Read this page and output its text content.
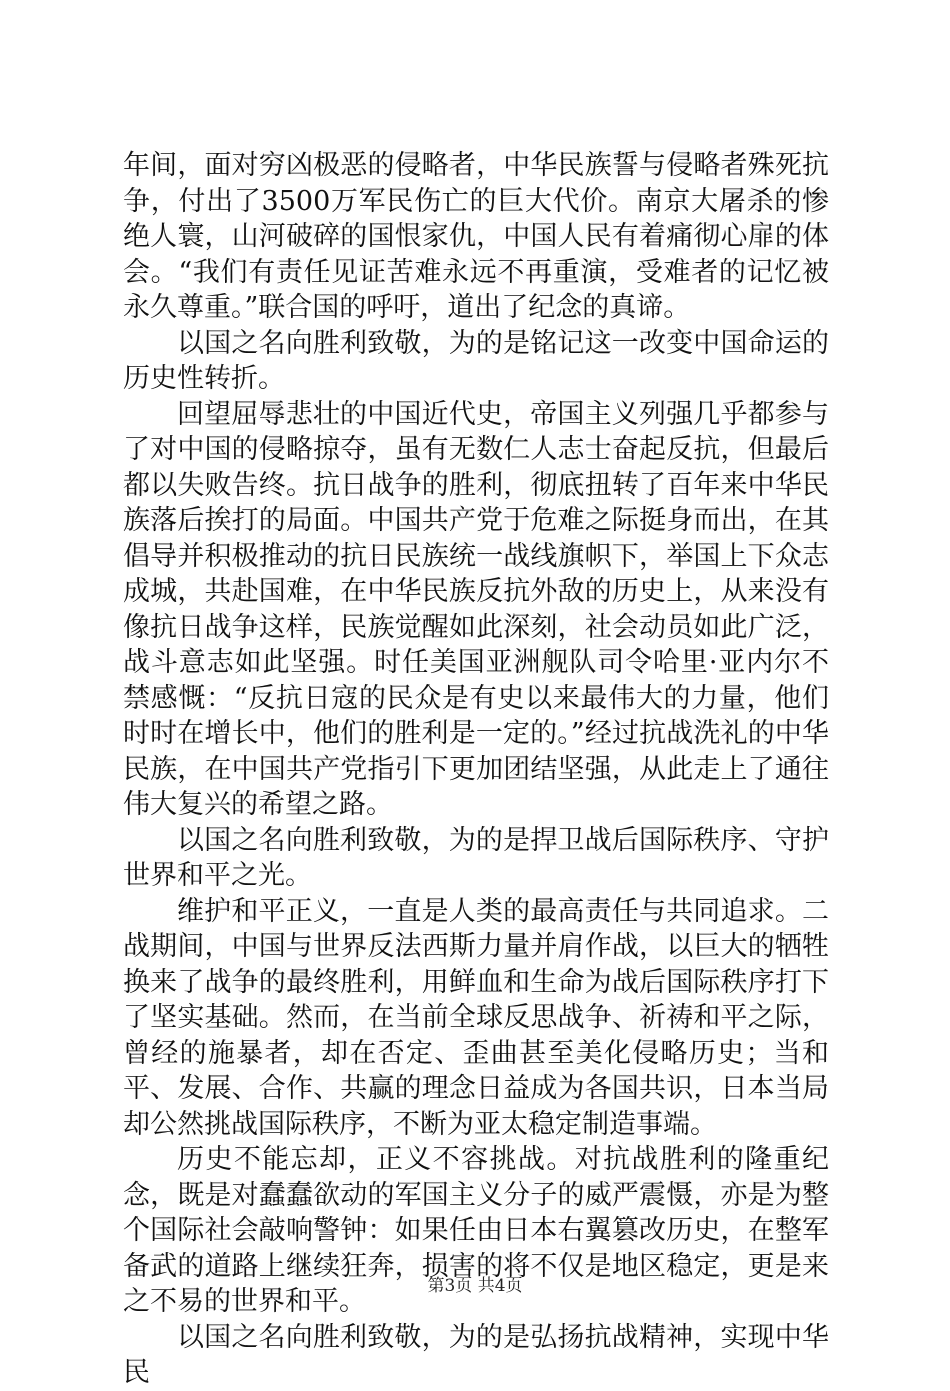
年间，面对穷凶极恶的侵略者，中华民族誓与侵略者殊死抗争，付出了3500万军民伤亡的巨大代价。南京大屠杀的惨绝人寰，山河破碎的国恨家仇，中国人民有着痛彻心扉的体会。“我们有责任见证苦难永远不再重演，受难者的记忆被永久尊重。”联合国的呼吁，道出了纪念的真谛。

以国之名向胜利致敬，为的是铭记这一改变中国命运的历史性转折。

回望屈辱悲壮的中国近代史，帝国主义列强几乎都参与了对中国的侵略掠夺，虽有无数仁人志士奋起反抗，但最后都以失败告终。抗日战争的胜利，彻底扭转了百年来中华民族落后挨打的局面。中国共产党于危难之际挺身而出，在其倡导并积极推动的抗日民族统一战线旗帜下，举国上下众志成城，共赴国难，在中华民族反抗外敌的历史上，从来没有像抗日战争这样，民族觉醒如此深刻，社会动员如此广泛，战斗意志如此坚强。时任美国亚洲舰队司令哈里·亚内尔不禁感慨：“反抗日寇的民众是有史以来最伟大的力量，他们时时在增长中，他们的胜利是一定的。”经过抗战洗礼的中华民族，在中国共产党指引下更加团结坚强，从此走上了通往伟大复兴的希望之路。

以国之名向胜利致敬，为的是捍卫战后国际秩序、守护世界和平之光。

维护和平正义，一直是人类的最高责任与共同追求。二战期间，中国与世界反法西斯力量并肩作战，以巨大的牺牲换来了战争的最终胜利，用鲜血和生命为战后国际秩序打下了坚实基础。然而，在当前全球反思战争、祈祷和平之际，曾经的施暴者，却在否定、歪曲甚至美化侵略历史；当和平、发展、合作、共赢的理念日益成为各国共识，日本当局却公然挑战国际秩序，不断为亚太稳定制造事端。

历史不能忘却，正义不容挑战。对抗战胜利的隆重纪念，既是对蠢蠢欲动的军国主义分子的威严震慑，亦是为整个国际社会敲响警钟：如果任由日本右翼篡改历史，在整军备武的道路上继续狂奔，损害的将不仅是地区稳定，更是来之不易的世界和平。

以国之名向胜利致敬，为的是弘扬抗战精神，实现中华民

第3页 共4页
